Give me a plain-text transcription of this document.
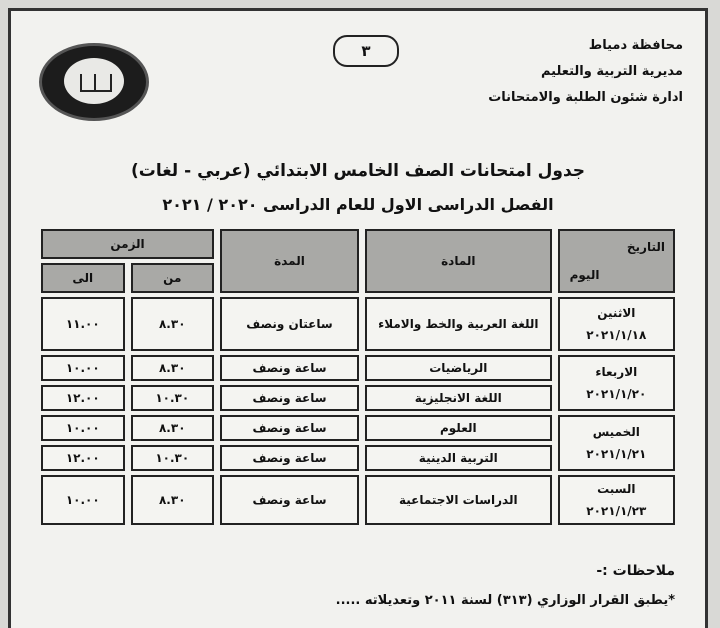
محافظة دمياط
مديرية التربية والتعليم
ادارة شئون الطلبة والامتحانات
٣
جدول امتحانات الصف الخامس الابتدائي (عربي - لغات)
الفصل الدراسى الاول للعام الدراسى ٢٠٢٠ / ٢٠٢١
التاريخ
اليوم	المادة	المدة	الزمن	
			من	الى

الاثنين
٢٠٢١/١/١٨	اللغة العربية والخط والاملاء	ساعتان ونصف	٨.٣٠	١١.٠٠

الاربعاء
٢٠٢١/١/٢٠	الرياضيات	ساعة ونصف	٨.٣٠	١٠.٠٠
	اللغة الانجليزية	ساعة ونصف	١٠.٣٠	١٢.٠٠

الخميس
٢٠٢١/١/٢١	العلوم	ساعة ونصف	٨.٣٠	١٠.٠٠
	التربية الدينية	ساعة ونصف	١٠.٣٠	١٢.٠٠

السبت
٢٠٢١/١/٢٣	الدراسات الاجتماعية	ساعة ونصف	٨.٣٠	١٠.٠٠
ملاحظات :-
*يطبق القرار الوزاري (٣١٣) لسنة ٢٠١١ وتعديلاته .....
